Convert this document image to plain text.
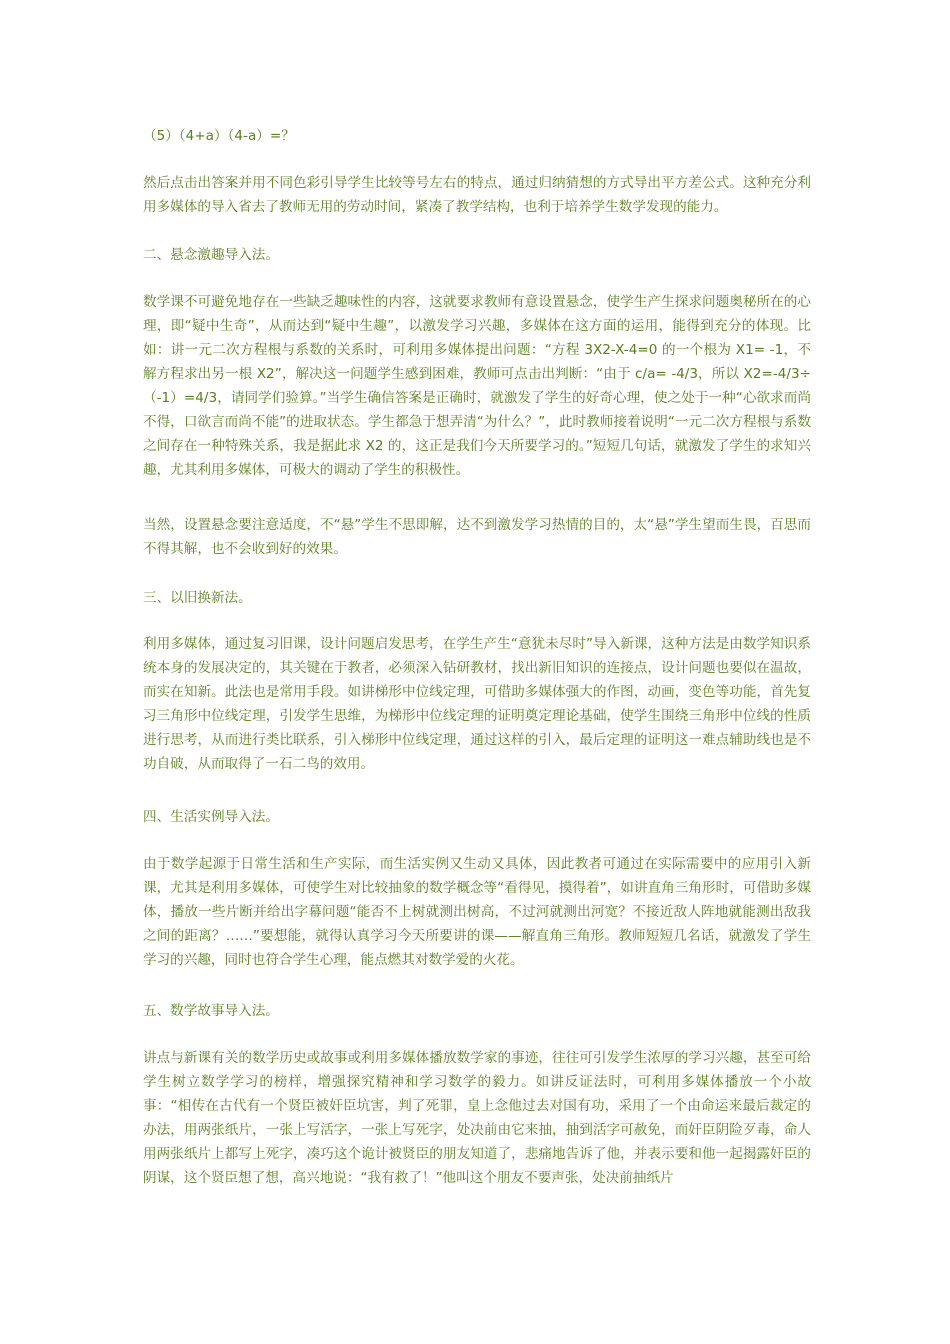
（5）（4+a）（4-a）=？

然后点击出答案并用不同色彩引导学生比较等号左右的特点，通过归纳猜想的方式导出平方差公式。这种充分利用多媒体的导入省去了教师无用的劳动时间，紧凑了教学结构，也利于培养学生数学发现的能力。

二、悬念激趣导入法。

数学课不可避免地存在一些缺乏趣味性的内容，这就要求教师有意设置悬念，使学生产生探求问题奥秘所在的心理，即“疑中生奇”，从而达到“疑中生趣”，以激发学习兴趣，多媒体在这方面的运用，能得到充分的体现。比如：讲一元二次方程根与系数的关系时，可利用多媒体提出问题：“方程 3X2-X-4=0 的一个根为 X1= -1，不解方程求出另一根 X2”，解决这一问题学生感到困难，教师可点击出判断：“由于 c/a= -4/3，所以 X2=-4/3÷（-1）=4/3，请同学们验算。”当学生确信答案是正确时，就激发了学生的好奇心理，使之处于一种“心欲求而尚不得，口欲言而尚不能”的进取状态。学生都急于想弄清“为什么？”，此时教师接着说明“一元二次方程根与系数之间存在一种特殊关系，我是据此求 X2 的，这正是我们今天所要学习的。”短短几句话，就激发了学生的求知兴趣，尤其利用多媒体，可极大的调动了学生的积极性。

当然，设置悬念要注意适度，不“悬”学生不思即解，达不到激发学习热情的目的，太“悬”学生望而生畏，百思而不得其解，也不会收到好的效果。

三、以旧换新法。

利用多媒体，通过复习旧课，设计问题启发思考，在学生产生“意犹未尽时”导入新课，这种方法是由数学知识系统本身的发展决定的，其关键在于教者，必须深入钻研教材，找出新旧知识的连接点，设计问题也要似在温故，而实在知新。此法也是常用手段。如讲梯形中位线定理，可借助多媒体强大的作图，动画，变色等功能，首先复习三角形中位线定理，引发学生思维，为梯形中位线定理的证明奠定理论基础，使学生围绕三角形中位线的性质进行思考，从而进行类比联系，引入梯形中位线定理，通过这样的引入，最后定理的证明这一难点辅助线也是不功自破，从而取得了一石二鸟的效用。

四、生活实例导入法。

由于数学起源于日常生活和生产实际，而生活实例又生动又具体，因此教者可通过在实际需要中的应用引入新课，尤其是利用多媒体，可使学生对比较抽象的数学概念等“看得见，摸得着”，如讲直角三角形时，可借助多媒体，播放一些片断并给出字幕问题“能否不上树就测出树高，不过河就测出河宽？不接近敌人阵地就能测出敌我之间的距离？……”要想能，就得认真学习今天所要讲的课——解直角三角形。教师短短几名话，就激发了学生学习的兴趣，同时也符合学生心理，能点燃其对数学爱的火花。

五、数学故事导入法。

讲点与新课有关的数学历史或故事或利用多媒体播放数学家的事迹，往往可引发学生浓厚的学习兴趣，甚至可给学生树立数学学习的榜样，增强探究精神和学习数学的毅力。如讲反证法时，可利用多媒体播放一个小故事：“相传在古代有一个贤臣被奸臣坑害，判了死罪，皇上念他过去对国有功，采用了一个由命运来最后裁定的办法，用两张纸片，一张上写活字，一张上写死字，处决前由它来抽，抽到活字可赦免，而奸臣阴险歹毒，命人用两张纸片上都写上死字，凑巧这个诡计被贤臣的朋友知道了，悲痛地告诉了他，并表示要和他一起揭露奸臣的阴谋，这个贤臣想了想，高兴地说：“我有救了！”他叫这个朋友不要声张，处决前抽纸片
